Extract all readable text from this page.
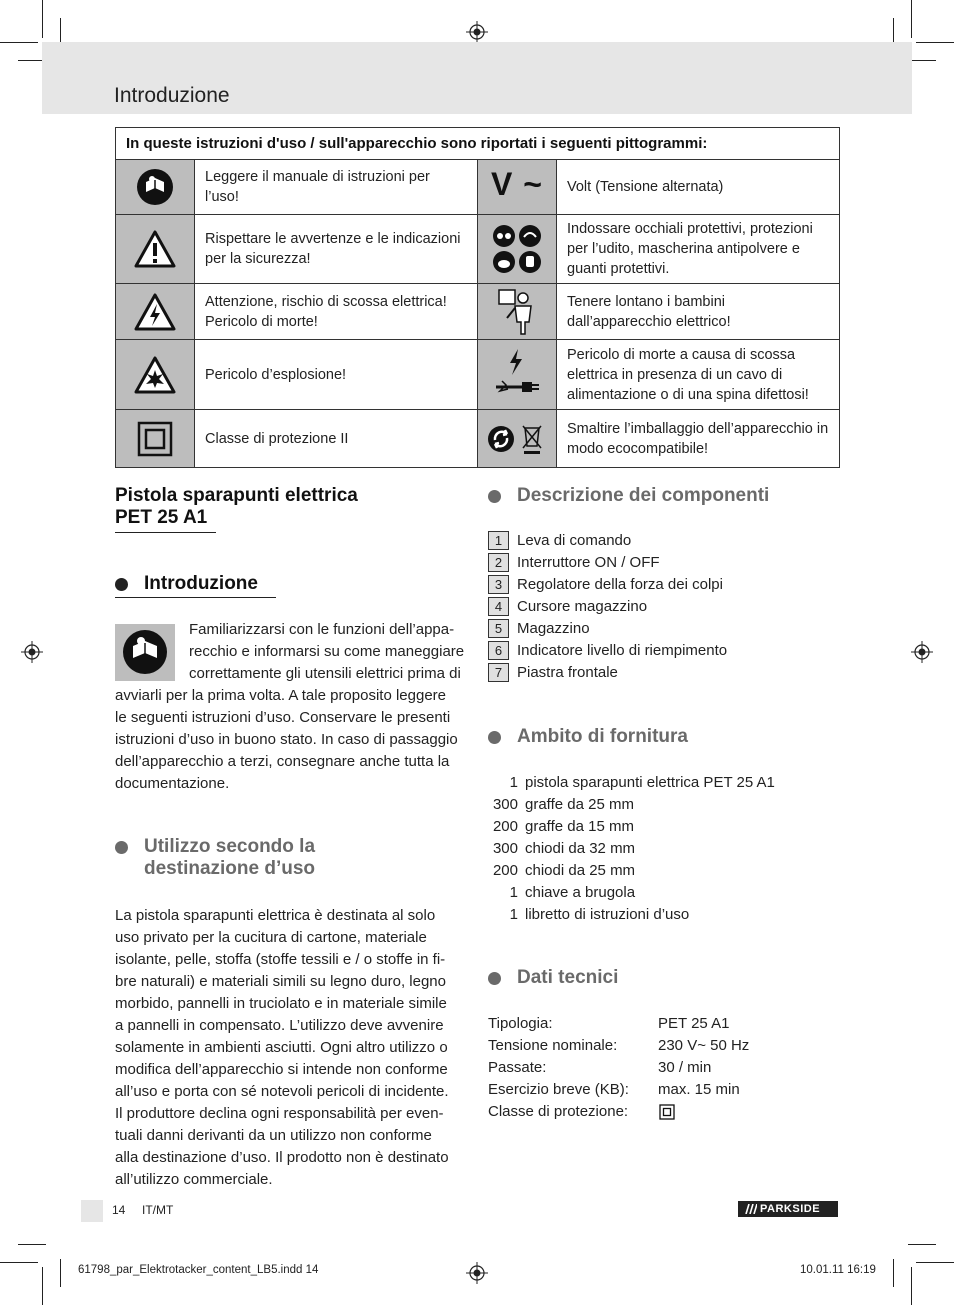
Introduzione
In queste istruzioni d'uso / sull'apparecchio sono riportati i seguenti pittogrammi:			

	Leggere il manuale di istruzioni per l’uso!	V ~	Volt (Tensione alternata)

	Rispettare le avvertenze e le indicazioni per la sicurezza!		Indossare occhiali protettivi, protezioni per l’udito, mascherina antipolvere e guanti protettivi.

	Attenzione, rischio di scossa elettrica! Pericolo di morte!		Tenere lontano i bambini dall’apparecchio elettrico!

	Pericolo d’esplosione!		Pericolo di morte a causa di scossa elettrica in presenza di un cavo di alimentazione o di una spina difettosi!

	Classe di protezione II		Smaltire l’imballaggio dell’apparecchio in modo ecocompatibile!
Pistola sparapunti elettrica
PET 25 A1
Introduzione
Familiarizzarsi con le funzioni dell’appa-
recchio e informarsi su come maneggiare
correttamente gli utensili elettrici prima di
avviarli per la prima volta. A tale proposito leggere
le seguenti istruzioni d’uso. Conservare le presenti
istruzioni d’uso in buono stato. In caso di passaggio
dell’apparecchio a terzi, consegnare anche tutta la
documentazione.
Utilizzo secondo la
destinazione d’uso
La pistola sparapunti elettrica è destinata al solo
uso privato per la cucitura di cartone, materiale
isolante, pelle, stoffa (stoffe tessili e / o stoffe in fi-
bre naturali) e materiali simili su legno duro, legno
morbido, pannelli in truciolato e in materiale simile
a pannelli in compensato. L’utilizzo deve avvenire
solamente in ambienti asciutti. Ogni altro utilizzo o
modifica dell’apparecchio si intende non conforme
all’uso e porta con sé notevoli pericoli di incidente.
Il produttore declina ogni responsabilità per even-
tuali danni derivanti da un utilizzo non conforme
alla destinazione d’uso. Il prodotto non è destinato
all’utilizzo commerciale.
Descrizione dei componenti
1 Leva di comando
2 Interruttore ON / OFF
3 Regolatore della forza dei colpi
4 Cursore magazzino
5 Magazzino
6 Indicatore livello di riempimento
7 Piastra frontale
Ambito di fornitura
1 pistola sparapunti elettrica PET 25 A1
300 graffe da 25 mm
200 graffe da 15 mm
300 chiodi da 32 mm
200 chiodi da 25 mm
1 chiave a brugola
1 libretto di istruzioni d’uso
Dati tecnici
Tipologia:	PET 25 A1
Tensione nominale:	230 V~ 50 Hz
Passate:	30 / min
Esercizio breve (KB): max. 15 min
Classe di protezione:
14 IT/MT	PARKSIDE
61798_par_Elektrotacker_content_LB5.indd 14	10.01.11 16:19
